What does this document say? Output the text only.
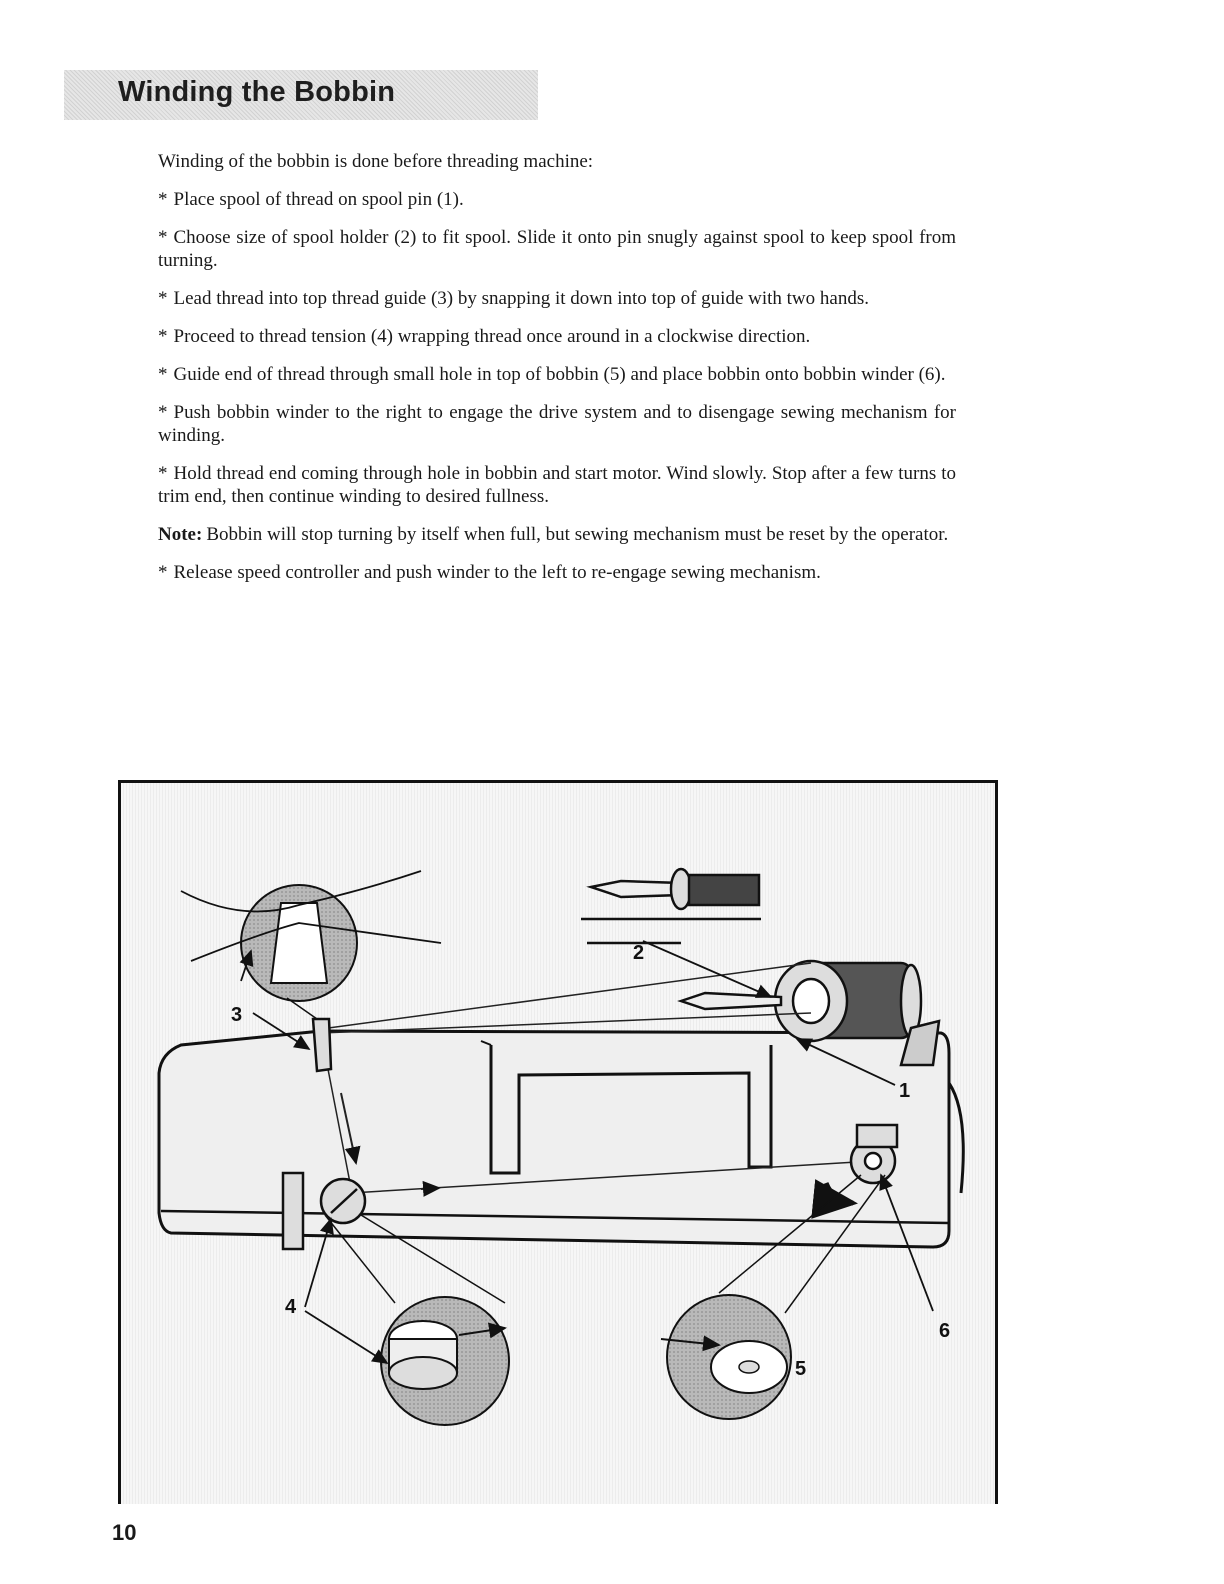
Winding the Bobbin

Winding of the bobbin is done before threading machine:

* Place spool of thread on spool pin (1).

* Choose size of spool holder (2) to fit spool. Slide it onto pin snugly against spool to keep spool from turning.

* Lead thread into top thread guide (3) by snapping it down into top of guide with two hands.

* Proceed to thread tension (4) wrapping thread once around in a clockwise direction.

* Guide end of thread through small hole in top of bobbin (5) and place bobbin onto bobbin winder (6).

* Push bobbin winder to the right to engage the drive system and to disengage sewing mechanism for winding.

* Hold thread end coming through hole in bobbin and start motor. Wind slowly. Stop after a few turns to trim end, then continue winding to desired fullness.

Note: Bobbin will stop turning by itself when full, but sewing mechanism must be reset by the operator.

* Release speed controller and push winder to the left to re-engage sewing mechanism.

1
2
3
4
5
6

10
